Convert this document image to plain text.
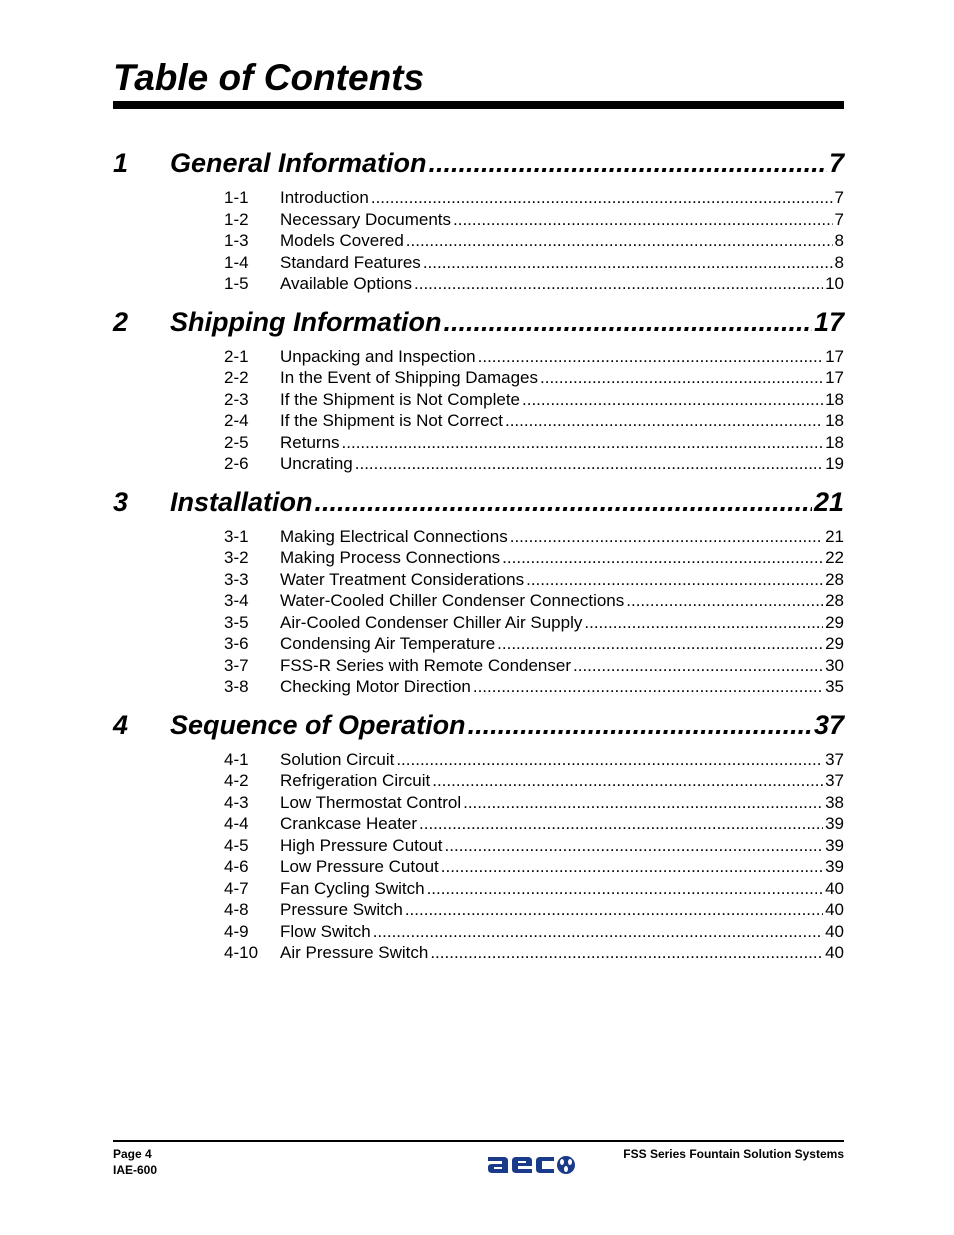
Table of Contents
1	General Information .....	7
1-1	Introduction .....	7
1-2	Necessary Documents .....	7
1-3	Models Covered .....	8
1-4	Standard Features .....	8
1-5	Available Options .....	10
2	Shipping Information .....	17
2-1	Unpacking and Inspection .....	17
2-2	In the Event of Shipping Damages .....	17
2-3	If the Shipment is Not Complete .....	18
2-4	If the Shipment is Not Correct .....	18
2-5	Returns .....	18
2-6	Uncrating .....	19
3	Installation .....	21
3-1	Making Electrical Connections .....	21
3-2	Making Process Connections .....	22
3-3	Water Treatment Considerations .....	28
3-4	Water-Cooled Chiller Condenser Connections .....	28
3-5	Air-Cooled Condenser Chiller Air Supply .....	29
3-6	Condensing Air Temperature .....	29
3-7	FSS-R Series with Remote Condenser .....	30
3-8	Checking Motor Direction .....	35
4	Sequence of Operation .....	37
4-1	Solution Circuit .....	37
4-2	Refrigeration Circuit .....	37
4-3	Low Thermostat Control .....	38
4-4	Crankcase Heater .....	39
4-5	High Pressure Cutout .....	39
4-6	Low Pressure Cutout .....	39
4-7	Fan Cycling Switch .....	40
4-8	Pressure Switch .....	40
4-9	Flow Switch .....	40
4-10	Air Pressure Switch .....	40
Page 4
IAE-600
FSS Series Fountain Solution Systems
